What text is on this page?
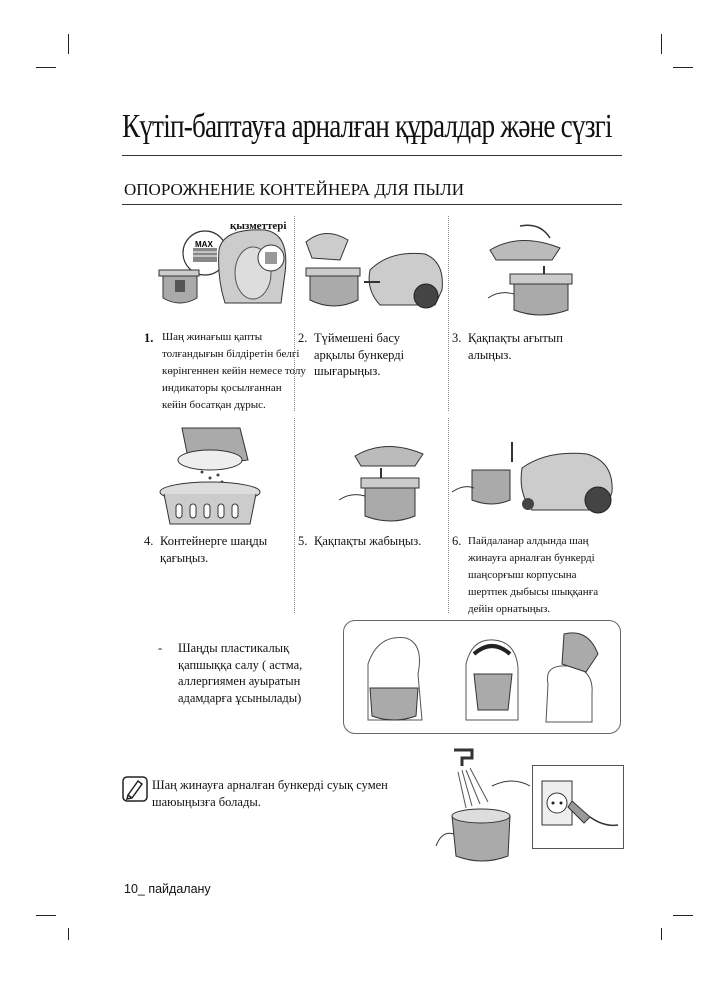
Күтіп-баптауға арналған құралдар және сүзгі
ОПОРОЖНЕНИЕ КОНТЕЙНЕРА ДЛЯ ПЫЛИ
MAX
қызметтері
1. Шаң жинағыш қапты
толғандығын білдіретін белгі
көрінгеннен кейін немесе толу
индикаторы қосылғаннан
кейін босатқан дұрыс.
2. Түймешені басу
арқылы бункерді
шығарыңыз.
3. Қақпақты ағытып
алыңыз.
4. Контейнерге шаңды
қағыңыз.
5. Қақпақты жабыңыз. 6. Пайдаланар алдында шаң
жинауға арналған бункерді
шаңсорғыш корпусына
шертпек дыбысы шыққанға
дейін орнатыңыз.
- Шаңды пластикалық
қапшыққа салу ( астма,
аллергиямен ауыратын
адамдарға ұсынылады)
Шаң жинауға арналған бункерді суық сумен
шаюыңызға болады.
10_ пайдалану
